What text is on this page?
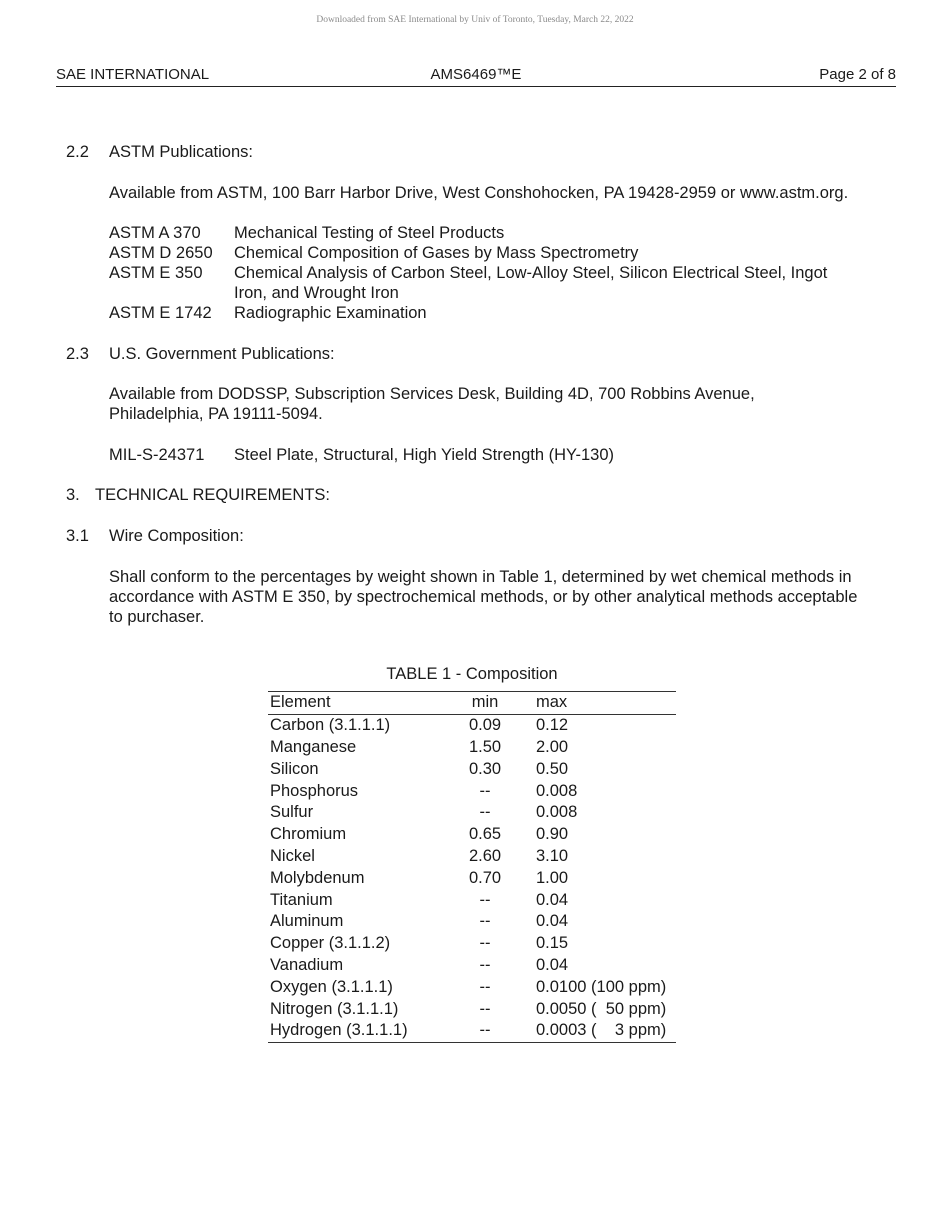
Downloaded from SAE International by Univ of Toronto, Tuesday, March 22, 2022
SAE INTERNATIONAL	AMS6469™E	Page 2 of 8
2.2 ASTM Publications:
Available from ASTM, 100 Barr Harbor Drive, West Conshohocken, PA 19428-2959 or www.astm.org.
ASTM A 370 Mechanical Testing of Steel Products
ASTM D 2650 Chemical Composition of Gases by Mass Spectrometry
ASTM E 350 Chemical Analysis of Carbon Steel, Low-Alloy Steel, Silicon Electrical Steel, Ingot Iron, and Wrought Iron
ASTM E 1742 Radiographic Examination
2.3 U.S. Government Publications:
Available from DODSSP, Subscription Services Desk, Building 4D, 700 Robbins Avenue, Philadelphia, PA 19111-5094.
MIL-S-24371 Steel Plate, Structural, High Yield Strength (HY-130)
3. TECHNICAL REQUIREMENTS:
3.1 Wire Composition:
Shall conform to the percentages by weight shown in Table 1, determined by wet chemical methods in accordance with ASTM E 350, by spectrochemical methods, or by other analytical methods acceptable to purchaser.
TABLE 1 - Composition
Element	min	max
Carbon (3.1.1.1)	0.09	0.12
Manganese	1.50	2.00
Silicon	0.30	0.50
Phosphorus	--	0.008
Sulfur	--	0.008
Chromium	0.65	0.90
Nickel	2.60	3.10
Molybdenum	0.70	1.00
Titanium	--	0.04
Aluminum	--	0.04
Copper (3.1.1.2)	--	0.15
Vanadium	--	0.04
Oxygen (3.1.1.1)	--	0.0100 (100 ppm)
Nitrogen (3.1.1.1)	--	0.0050 (  50 ppm)
Hydrogen (3.1.1.1)	--	0.0003 (    3 ppm)
